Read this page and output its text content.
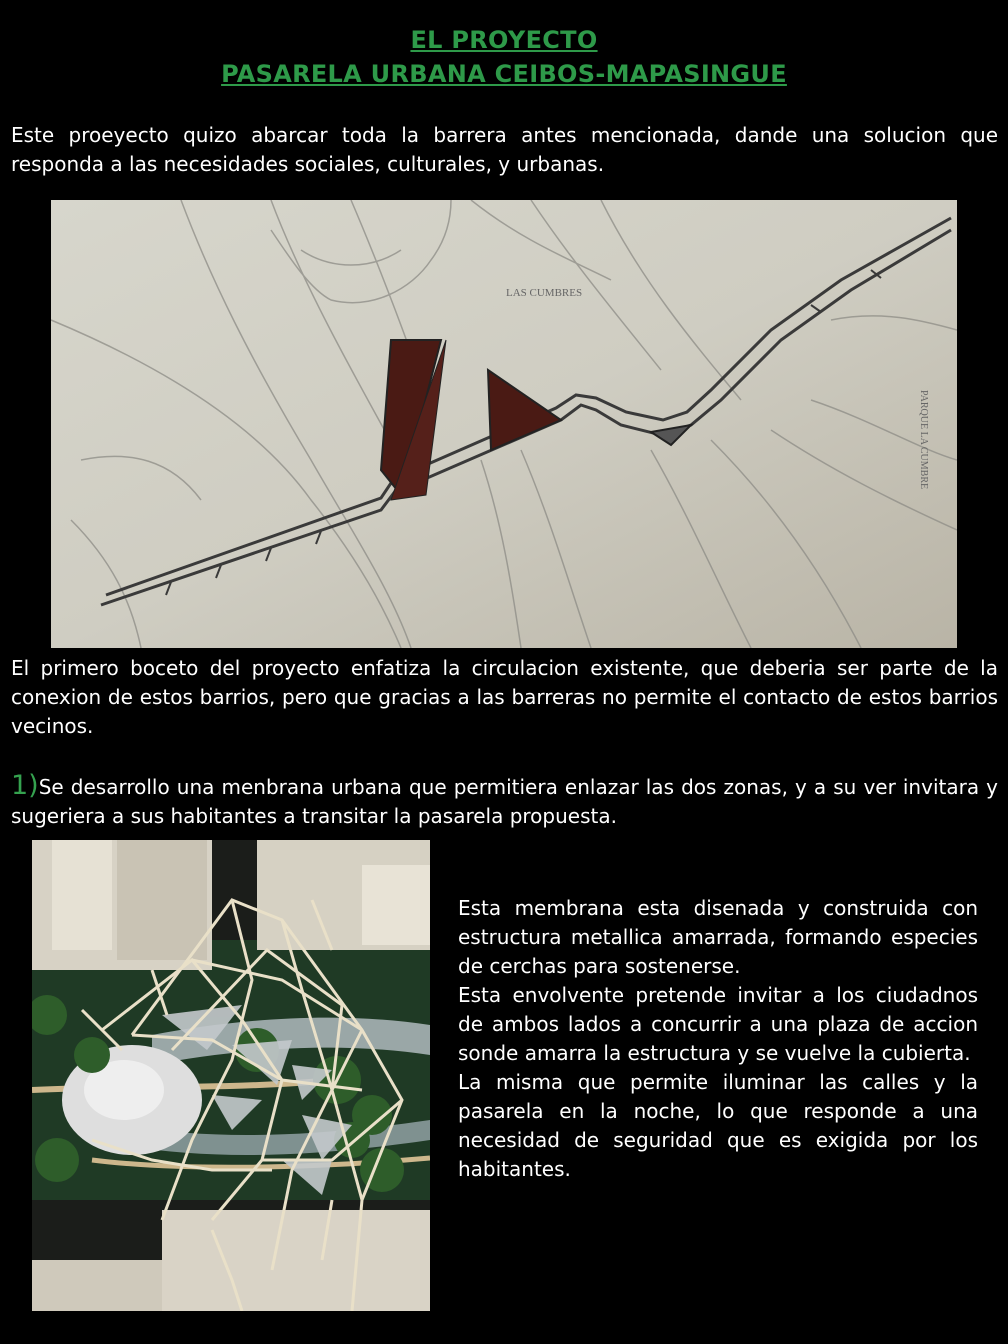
EL PROYECTO
PASARELA URBANA CEIBOS-MAPASINGUE
Este proeyecto quizo abarcar toda la barrera antes mencionada, dande una solucion que responda a las necesidades sociales, culturales, y urbanas.
LAS CUMBRES
PARQUE LA CUMBRE
El primero boceto del proyecto enfatiza la circulacion existente, que deberia ser parte de la conexion de estos barrios, pero que gracias a las barreras no permite el contacto de estos barrios vecinos.
1)Se desarrollo una menbrana urbana que permitiera enlazar las dos zonas, y a su ver invitara y sugeriera a sus habitantes a transitar la pasarela propuesta.

Esta membrana esta disenada y construida con estructura metallica amarrada, formando especies de cerchas para sostenerse.

Esta envolvente pretende invitar a los ciudadnos de ambos lados a concurrir a una plaza de accion sonde amarra la estructura y se vuelve la cubierta.

La misma que permite iluminar las calles y la pasarela en la noche, lo que responde a una necesidad de seguridad que es exigida por los habitantes.
